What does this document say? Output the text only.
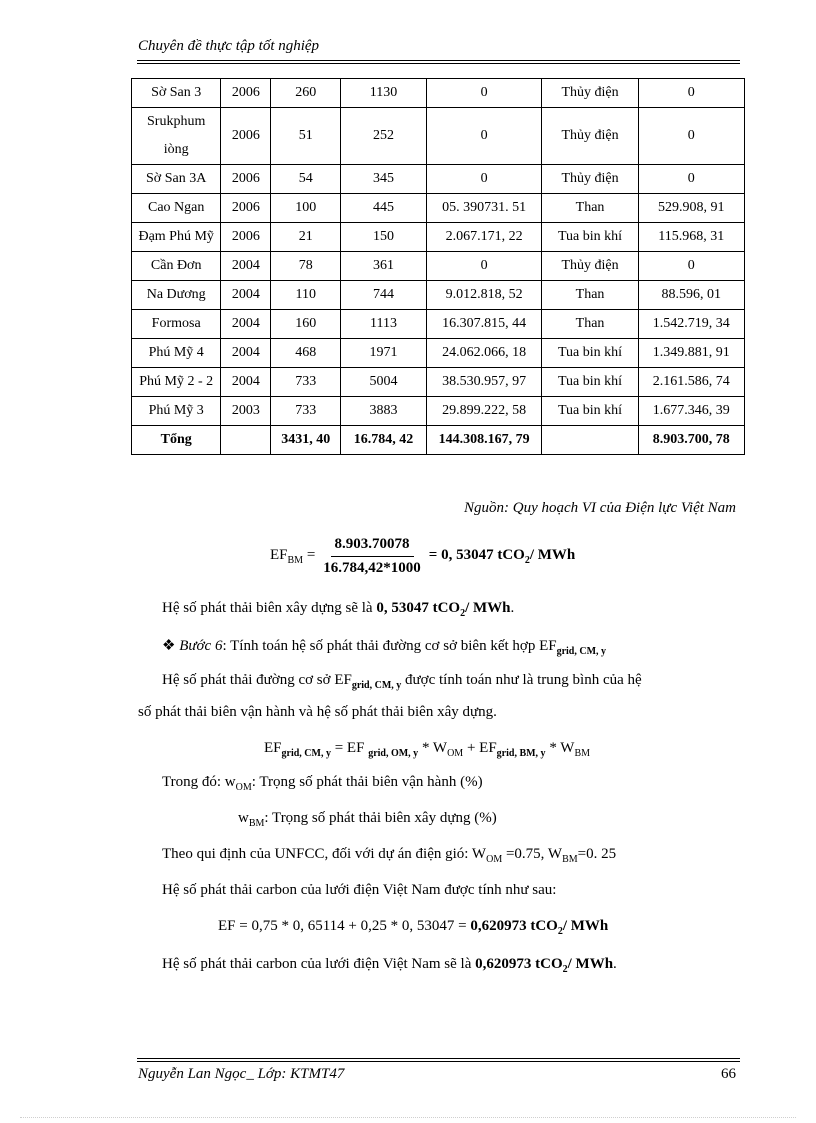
Chuyên đề thực tập tốt nghiệp
Sờ San 3	2006	260	1130	0	Thủy điện	0
Srukphum iòng	2006	51	252	0	Thủy điện	0
Sờ San 3A	2006	54	345	0	Thủy điện	0
Cao Ngan	2006	100	445	05. 390731. 51	Than	529.908, 91
Đạm Phú Mỹ	2006	21	150	2.067.171, 22	Tua bin khí	115.968, 31
Cần Đơn	2004	78	361	0	Thủy điện	0
Na Dương	2004	110	744	9.012.818, 52	Than	88.596, 01
Formosa	2004	160	1113	16.307.815, 44	Than	1.542.719, 34
Phú Mỹ 4	2004	468	1971	24.062.066, 18	Tua bin khí	1.349.881, 91
Phú Mỹ 2 - 2	2004	733	5004	38.530.957, 97	Tua bin khí	2.161.586, 74
Phú Mỹ 3	2003	733	3883	29.899.222, 58	Tua bin khí	1.677.346, 39
Tổng		3431, 40	16.784, 42	144.308.167, 79		8.903.700, 78
Nguồn: Quy hoạch VI của Điện lực Việt Nam
$EF_{BM} = \frac{8.903.70078}{16.784,42*1000} = 0$, 53047 tCO$_2$/ MWh
Hệ số phát thải biên xây dựng sẽ là 0, 53047 tCO$_2$/ MWh.
❖ Bước 6: Tính toán hệ số phát thải đường cơ sở biên kết hợp $EF_{grid, CM, y}$
Hệ số phát thải đường cơ sở $EF_{grid, CM, y}$ được tính toán như là trung bình của hệ
số phát thải biên vận hành và hệ số phát thải biên xây dựng.
$EF_{grid, CM, y}$ = EF $_{grid, OM, y} * W_{OM} + EF_{grid, BM, y} * W_{BM}$
Trong đó: $w_{OM}$: Trọng số phát thải biên vận hành (%)
$w_{BM}$: Trọng số phát thải biên xây dựng (%)
Theo qui định của UNFCC, đối với dự án điện gió: $W_{OM} =0.75$, $W_{BM}=0$. 25
Hệ số phát thải carbon của lưới điện Việt Nam được tính như sau:
EF = 0,75 * 0, 65114 + 0,25 * 0, 53047 = 0,620973 tCO$_2$/ MWh
Hệ số phát thải carbon của lưới điện Việt Nam sẽ là 0,620973 tCO$_2$/ MWh.
Nguyễn Lan Ngọc_ Lớp: KTMT47	66
